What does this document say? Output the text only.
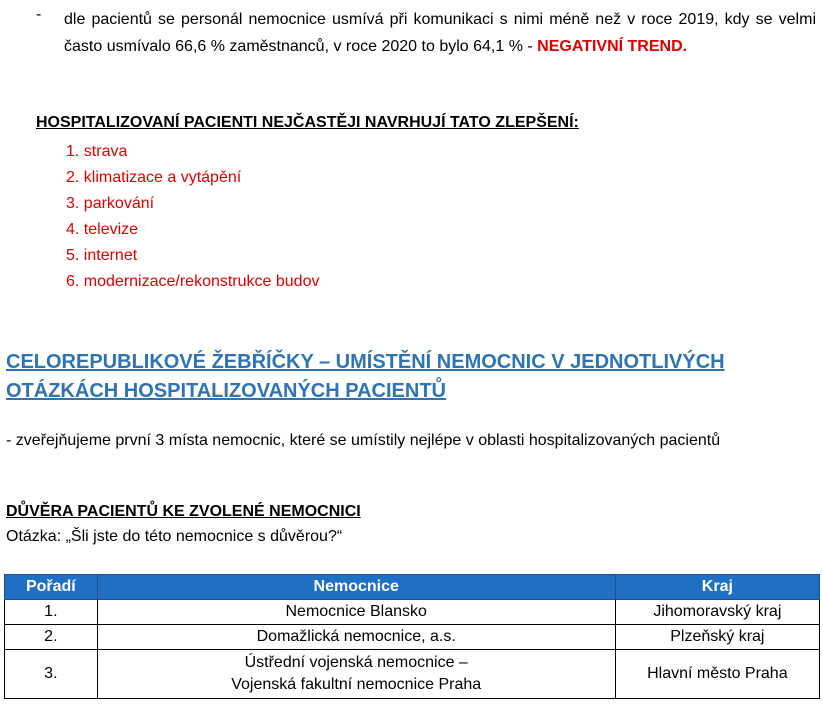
- dle pacientů se personál nemocnice usmívá při komunikaci s nimi méně než v roce 2019, kdy se velmi často usmívalo 66,6 % zaměstnanců, v roce 2020 to bylo 64,1 % - NEGATIVNÍ TREND.
HOSPITALIZOVANÍ PACIENTI NEJČASTĚJI NAVRHUJÍ TATO ZLEPŠENÍ:
1. strava
2. klimatizace a vytápění
3. parkování
4. televize
5. internet
6. modernizace/rekonstrukce budov
CELOREPUBLIKOVÉ ŽEBŘÍČKY – UMÍSTĚNÍ NEMOCNIC V JEDNOTLIVÝCH OTÁZKÁCH HOSPITALIZOVANÝCH PACIENTŮ
- zveřejňujeme první 3 místa nemocnic, které se umístily nejlépe v oblasti hospitalizovaných pacientů
DŮVĚRA PACIENTŮ KE ZVOLENÉ NEMOCNICI
Otázka: „Šli jste do této nemocnice s důvěrou?“
Pořadí	Nemocnice	Kraj
1.	Nemocnice Blansko	Jihomoravský kraj
2.	Domažlická nemocnice, a.s.	Plzeňský kraj
3.	Ústřední vojenská nemocnice –
Vojenská fakultní nemocnice Praha	Hlavní město Praha
